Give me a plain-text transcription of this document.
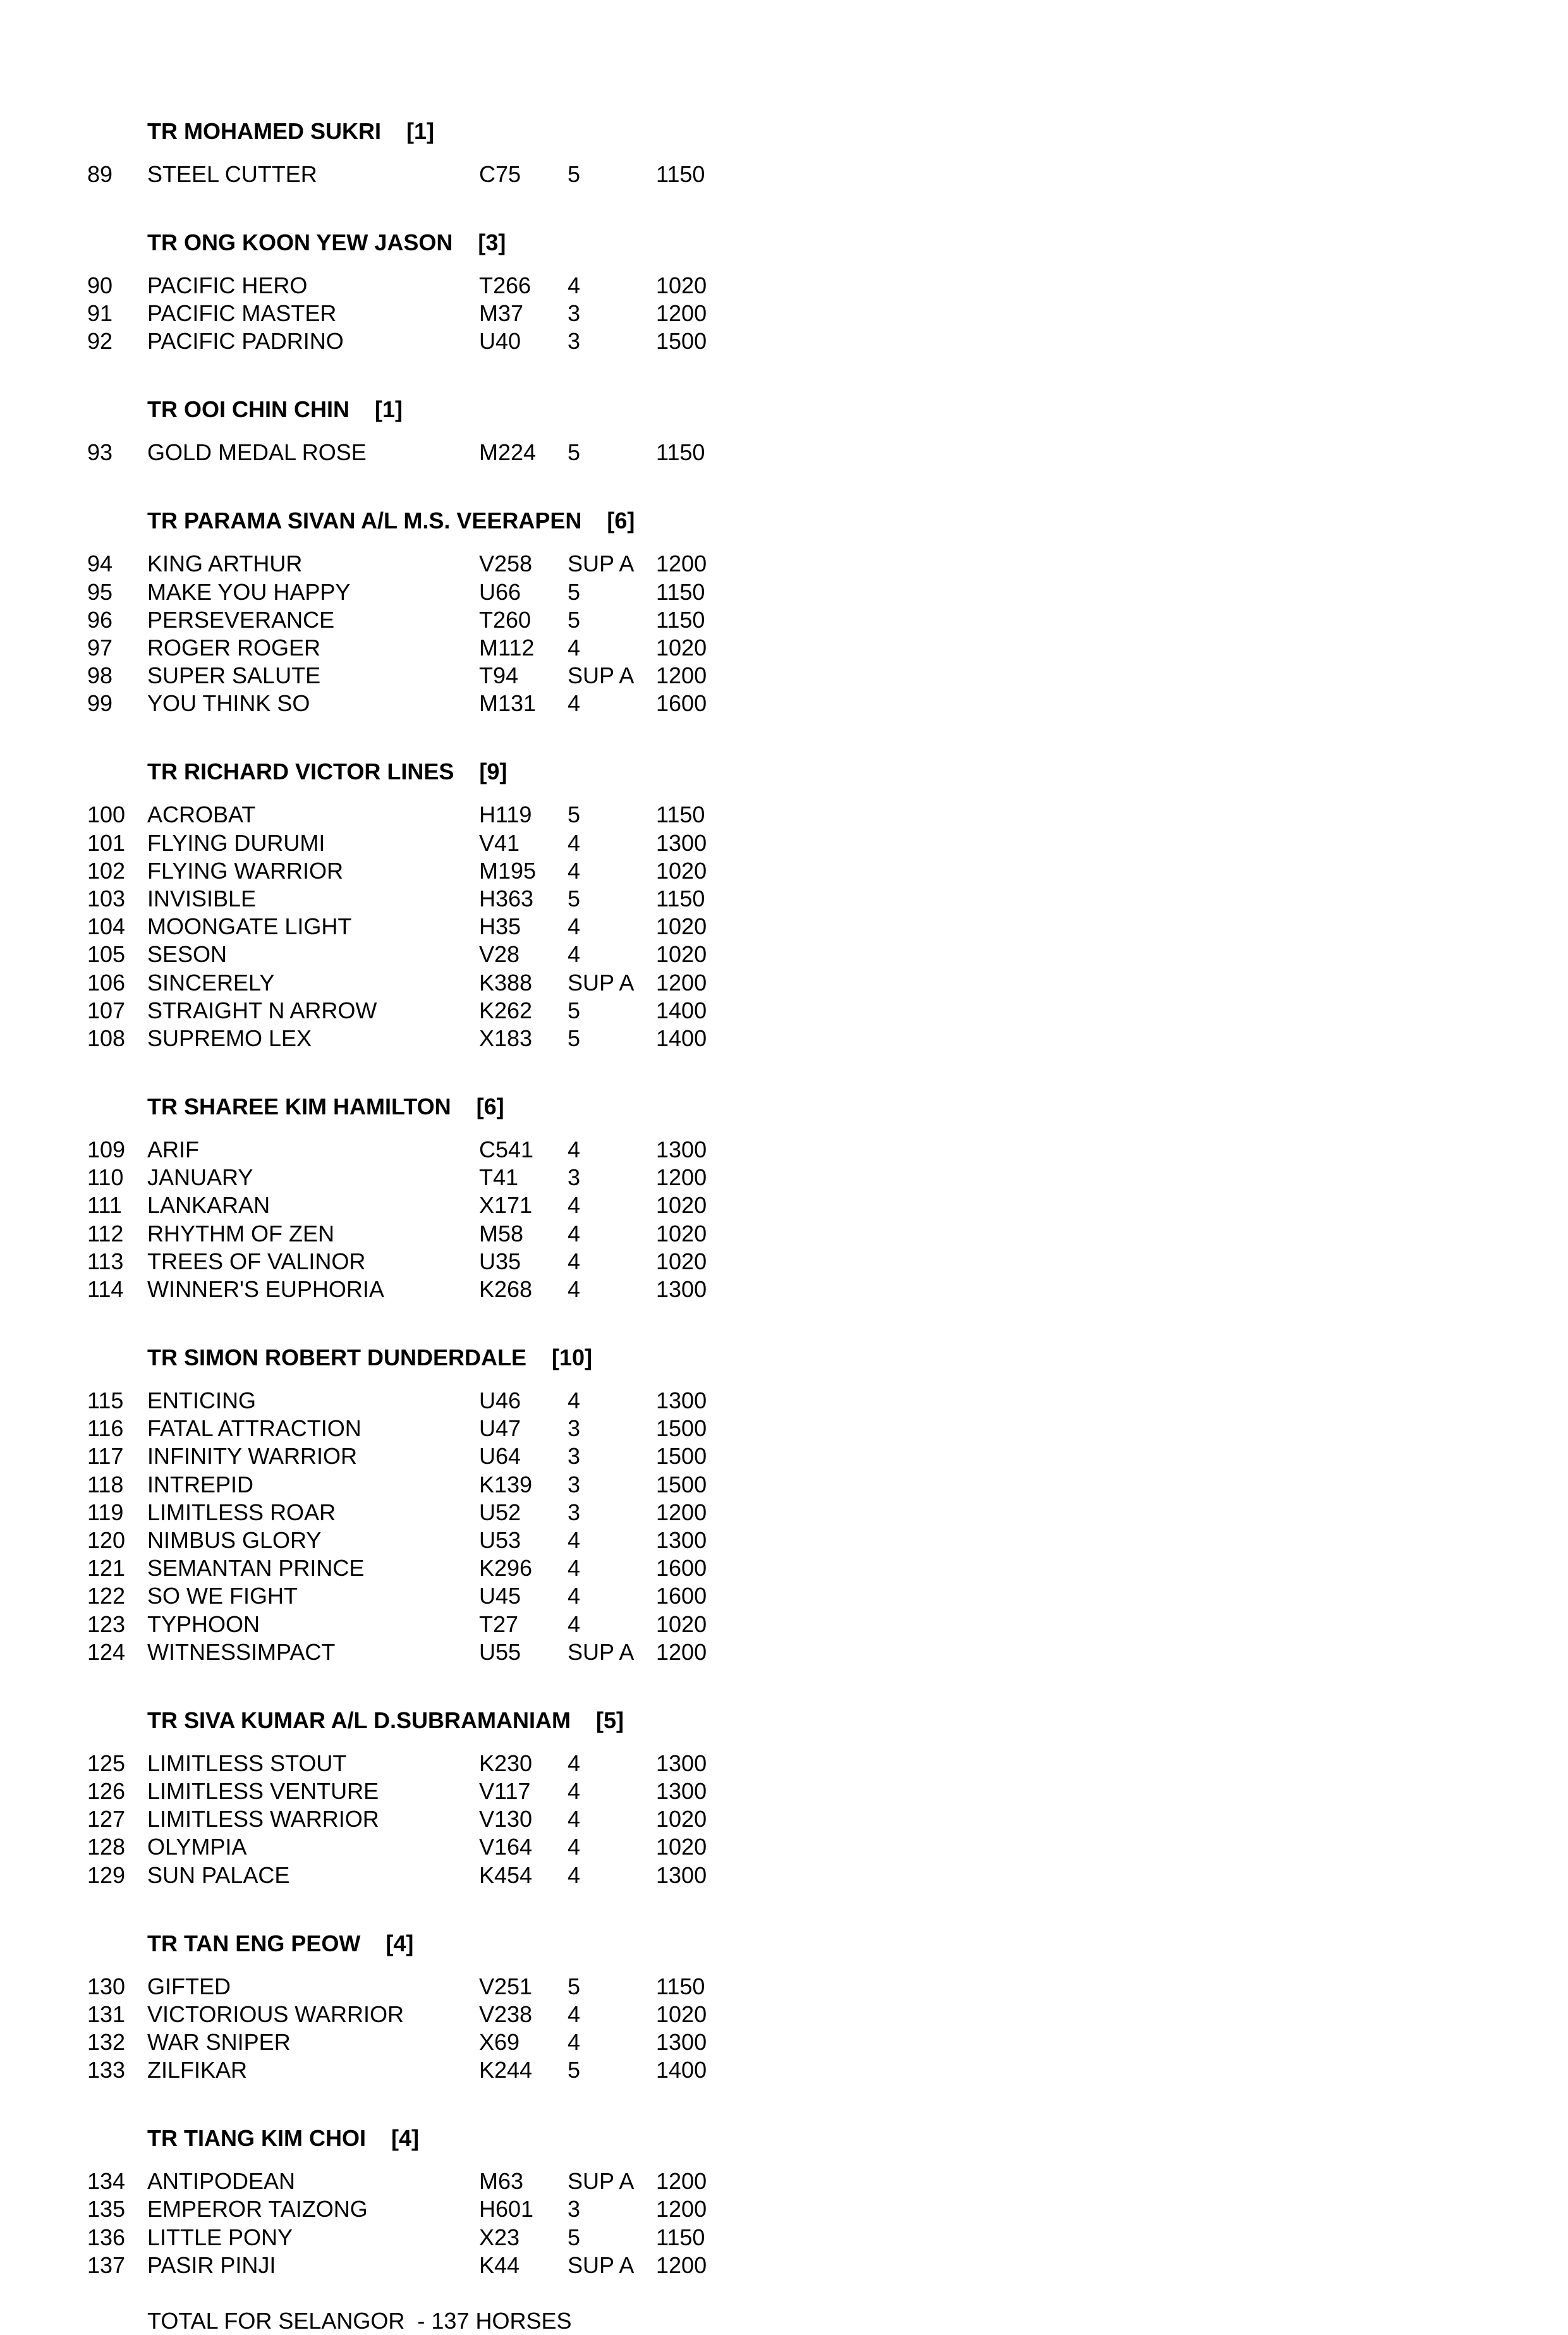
TR MOHAMED SUKRI [1]
89 STEEL CUTTER	C75 5	1150
TR ONG KOON YEW JASON [3]
90 PACIFIC HERO	T266 4	1020
91 PACIFIC MASTER	M37 3	1200
92 PACIFIC PADRINO	U40 3	1500
TR OOI CHIN CHIN [1]
93 GOLD MEDAL ROSE	M224 5	1150
TR PARAMA SIVAN A/L M.S. VEERAPEN [6]
94 KING ARTHUR	V258 SUP A 1200
95 MAKE YOU HAPPY	U66 5	1150
96 PERSEVERANCE	T260 5	1150
97 ROGER ROGER	M112 4	1020
98 SUPER SALUTE	T94 SUP A 1200
99 YOU THINK SO	M131 4	1600
TR RICHARD VICTOR LINES [9]
100 ACROBAT	H119 5	1150
101 FLYING DURUMI	V41 4	1300
102 FLYING WARRIOR	M195 4	1020
103 INVISIBLE	H363 5	1150
104 MOONGATE LIGHT	H35 4	1020
105 SESON	V28 4	1020
106 SINCERELY	K388 SUP A 1200
107 STRAIGHT N ARROW	K262 5	1400
108 SUPREMO LEX	X183 5	1400
TR SHAREE KIM HAMILTON [6]
109 ARIF	C541 4	1300
110 JANUARY	T41 3	1200
111 LANKARAN	X171 4	1020
112 RHYTHM OF ZEN	M58 4	1020
113 TREES OF VALINOR	U35 4	1020
114 WINNER'S EUPHORIA	K268 4	1300
TR SIMON ROBERT DUNDERDALE [10]
115 ENTICING	U46 4	1300
116 FATAL ATTRACTION	U47 3	1500
117 INFINITY WARRIOR	U64 3	1500
118 INTREPID	K139 3	1500
119 LIMITLESS ROAR	U52 3	1200
120 NIMBUS GLORY	U53 4	1300
121 SEMANTAN PRINCE	K296 4	1600
122 SO WE FIGHT	U45 4	1600
123 TYPHOON	T27 4	1020
124 WITNESSIMPACT	U55 SUP A 1200
TR SIVA KUMAR A/L D.SUBRAMANIAM [5]
125 LIMITLESS STOUT	K230 4	1300
126 LIMITLESS VENTURE	V117 4	1300
127 LIMITLESS WARRIOR	V130 4	1020
128 OLYMPIA	V164 4	1020
129 SUN PALACE	K454 4	1300
TR TAN ENG PEOW [4]
130 GIFTED	V251 5	1150
131 VICTORIOUS WARRIOR	V238 4	1020
132 WAR SNIPER	X69 4	1300
133 ZILFIKAR	K244 5	1400
TR TIANG KIM CHOI [4]
134 ANTIPODEAN	M63 SUP A 1200
135 EMPEROR TAIZONG	H601 3	1200
136 LITTLE PONY	X23 5	1150
137 PASIR PINJI	K44 SUP A 1200
TOTAL FOR SELANGOR  - 137 HORSES
